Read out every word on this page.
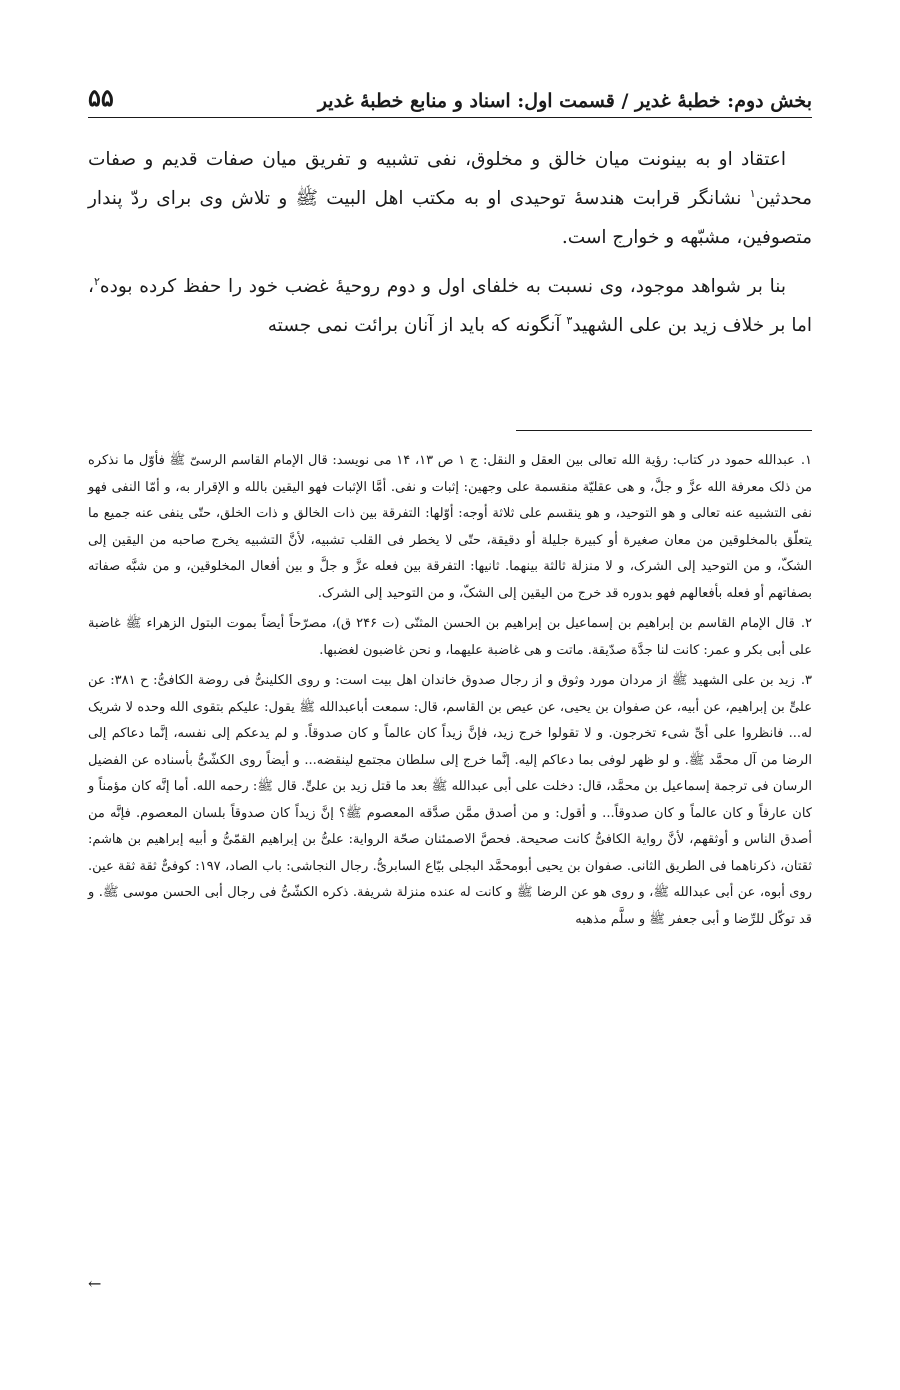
بخش دوم: خطبۀ غدیر / قسمت اول: اسناد و منابع خطبۀ غدیر
۵۵

اعتقاد او به بینونت میان خالق و مخلوق، نفی تشبیه و تفریق میان صفات قدیم و صفات محدثین$^۱$ نشانگر قرابت هندسۀ توحیدی او به مکتب اهل البیت ﷺ و تلاش وی برای ردّ پندار متصوفین، مشبّهه و خوارج است.

بنا بر شواهد موجود، وی نسبت به خلفای اول و دوم روحیۀ غضب خود را حفظ کرده بوده$^۲$، اما بر خلاف زید بن علی الشهید$^۳$ آنگونه که باید از آنان برائت نمی جسته

۱.عبدالله حمود در کتاب: رؤیة الله تعالی بین العقل و النقل: ج ۱ ص ۱۳، ۱۴ می نویسد: قال الإمام القاسم الرسیّ ﷺ فأوّل ما نذکره من ذلک معرفة الله عزَّ و جلَّ، و هی عقلیّة منقسمة علی وجهین: إثبات و نفی. أمَّا الإثبات فهو الیقین بالله و الإقرار به، و أمّا النفی فهو نفی التشبیه عنه تعالی و هو التوحید، و هو ینقسم علی ثلاثة أوجه: أوّلها: التفرقة بین ذات الخالق و ذات الخلق، حتّی ینفی عنه جمیع ما یتعلّق بالمخلوقین من معان صغیرة أو کبیرة جلیلة أو دقیقة، حتّی لا یخطر فی القلب تشبیه، لأنَّ التشبیه یخرج صاحبه من الیقین إلی الشکّ، و من التوحید إلی الشرک، و لا منزلة ثالثة بینهما. ثانیها: التفرقة بین فعله عزَّ و جلَّ و بین أفعال المخلوقین، و من شبَّه صفاته بصفاتهم أو فعله بأفعالهم فهو بدوره قد خرج من الیقین إلی الشکّ، و من التوحید إلی الشرک.
۲.قال الإمام القاسم بن إبراهیم بن إسماعیل بن إبراهیم بن الحسن المثنّی (ت ۲۴۶ ق)، مصرّحاً أیضاً بموت البتول الزهراء ﷺ غاضبة علی أبی بکر و عمر: کانت لنا جدَّة صدّیقة. ماتت و هی غاضبة علیهما، و نحن غاضبون لغضبها.
۳.زید بن علی الشهید ﷺ از مردان مورد وثوق و از رجال صدوق خاندان اهل بیت است: و روی الکلینیُّ فی روضة الکافیُّ: ح ۳۸۱: عن علیٍّ بن إبراهیم، عن أبیه، عن صفوان بن یحیی، عن عیص بن القاسم، قال: سمعت أباعبدالله ﷺ یقول: علیکم بتقوی الله وحده لا شریک له... فانظروا علی أیِّ شیء تخرجون. و لا تقولوا خرج زید، فإنَّ زیداً کان عالماً و کان صدوقاً. و لم یدعکم إلی نفسه، إنَّما دعاکم إلی الرضا من آل محمَّد ﷺ. و لو ظهر لوفی بما دعاکم إلیه. إنَّما خرج إلی سلطان مجتمع لینقضه... و أیضاً روی الکشّیُّ بأسناده عن الفضیل الرسان فی ترجمة إسماعیل بن محمَّد، قال: دخلت علی أبی عبدالله ﷺ بعد ما قتل زید بن علیٍّ. قال ﷺ: رحمه الله. أما إنَّه کان مؤمناً و کان عارفاً و کان عالماً و کان صدوقاً... و أقول: و من أصدق ممَّن صدَّقه المعصوم ﷺ؟ إنَّ زیداً کان صدوقاً بلسان المعصوم. فإنَّه من أصدق الناس و أوثقهم، لأنَّ روایة الکافیُّ کانت صحیحة. فحصَّ الاصمئنان صحّة الروایة: علیُّ بن إبراهیم القمّیُّ و أبیه إبراهیم بن هاشم: ثقتان، ذکرناهما فی الطریق الثانی. صفوان بن یحیی أبومحمَّد البجلی بیّاع السابریُّ. رجال النجاشی: باب الصاد، ۱۹۷: کوفیٌّ ثقة ثقة عین. روی أبوه، عن أبی عبدالله ﷺ، و روی هو عن الرضا ﷺ و کانت له عنده منزلة شریفة. ذکره الکشّیُّ فی رجال أبی الحسن موسی ﷺ. و قد توکّل للرِّضا و أبی جعفر ﷺ و سلَّم مذهبه
←
